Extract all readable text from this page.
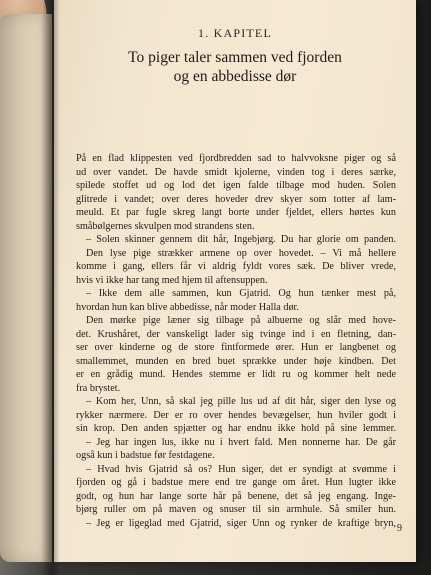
1. KAPITEL
To piger taler sammen ved fjorden
og en abbedisse dør
På en flad klippesten ved fjordbredden sad to halvvoksne piger og så
ud over vandet. De havde smidt kjolerne, vinden tog i deres særke,
spilede stoffet ud og lod det igen falde tilbage mod huden. Solen
glitrede i vandet; over deres hoveder drev skyer som totter af lam-
meuld. Et par fugle skreg langt borte under fjeldet, ellers hørtes kun
småbølgernes skvulpen mod strandens sten.
– Solen skinner gennem dit hår, Ingebjørg. Du har glorie om panden.
Den lyse pige strækker armene op over hovedet. – Vi må hellere
komme i gang, ellers får vi aldrig fyldt vores sæk. De bliver vrede,
hvis vi ikke har tang med hjem til aftensuppen.
– Ikke dem alle sammen, kun Gjatrid. Og hun tænker mest på,
hvordan hun kan blive abbedisse, når moder Halla dør.
Den mørke pige læner sig tilbage på albuerne og slår med hove-
det. Krushåret, der vanskeligt lader sig tvinge ind i en fletning, dan-
ser over kinderne og de store fintformede ører. Hun er langbenet og
smallemmet, munden en bred buet sprække under høje kindben. Det
er en grådig mund. Hendes stemme er lidt ru og kommer helt nede
fra brystet.
– Kom her, Unn, så skal jeg pille lus ud af dit hår, siger den lyse og
rykker nærmere. Der er ro over hendes bevægelser, hun hviler godt i
sin krop. Den anden spjætter og har endnu ikke hold på sine lemmer.
– Jeg har ingen lus, ikke nu i hvert fald. Men nonnerne har. De går
også kun i badstue før festdagene.
– Hvad hvis Gjatrid så os? Hun siger, det er syndigt at svømme i
fjorden og gå i badstue mere end tre gange om året. Hun lugter ikke
godt, og hun har lange sorte hår på benene, det så jeg engang. Inge-
bjørg ruller om på maven og snuser til sin armhule. Så smiler hun.
– Jeg er ligeglad med Gjatrid, siger Unn og rynker de kraftige bryn, 9
